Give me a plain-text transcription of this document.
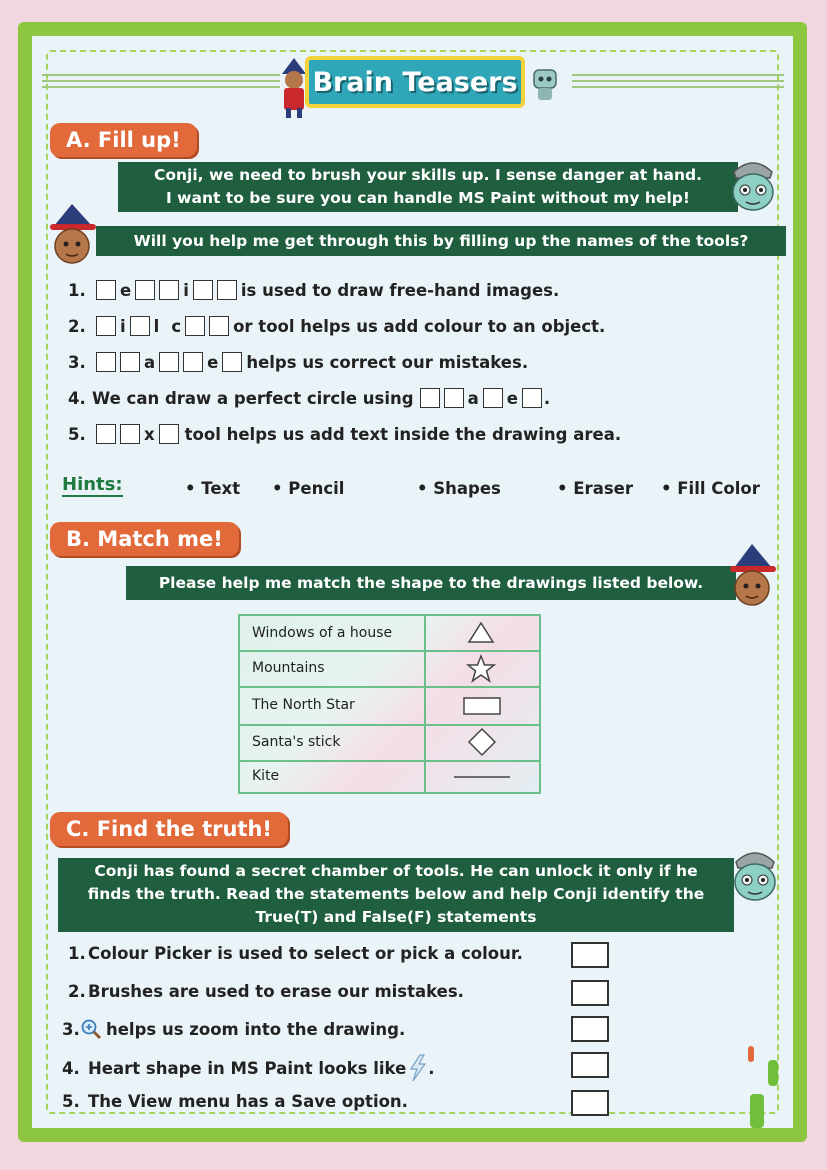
Brain Teasers
A. Fill up!
Conji, we need to brush your skills up. I sense danger at hand.
I want to be sure you can handle MS Paint without my help!
Will you help me get through this by filling up the names of the tools?
1.	e	i	is used to draw free-hand images.
2.	i l c	or tool helps us add colour to an object.
3.	a	e helps us correct our mistakes.
4. We can draw a perfect circle using	a e .
5.	x tool helps us add text inside the drawing area.
Hints:	• Text • Pencil	• Shapes	• Eraser • Fill Color
B. Match me!
Please help me match the shape to the drawings listed below.
Windows of a house
Mountains
The North Star
Santa's stick
Kite
C. Find the truth!
Conji has found a secret chamber of tools. He can unlock it only if he
finds the truth. Read the statements below and help Conji identify the
True(T) and False(F) statements
1. Colour Picker is used to select or pick a colour.
2. Brushes are used to erase our mistakes.
3. helps us zoom into the drawing.
4. Heart shape in MS Paint looks like .
5. The View menu has a Save option.
